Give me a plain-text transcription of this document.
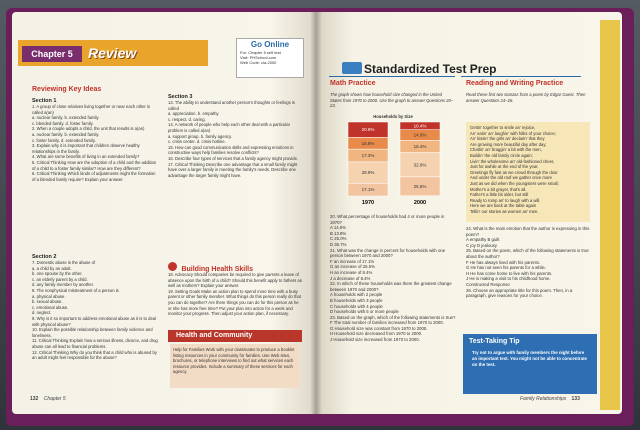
Chapter 5	Review
Go Online
For: Chapter 5 self test
Visit: PHSchool.com
Web Code: cla-2050
Reviewing Key Ideas
Section 1
1. A group of close relatives living together or near each other is called a(an)
a. nuclear family. b. extended family.
c. blended family. d. foster family.
2. When a couple adopts a child, the unit that results is a(an)
a. nuclear family. b. extended family.
c. foster family. d. extended family.
3. Explain why it is important that children observe healthy relationships in the family.
4. What are some benefits of living in an extended family?
5. Critical Thinking How are the adoption of a child and the addition of a child to a foster family similar? How are they different?
6. Critical Thinking Which kinds of adjustments might the formation of a blended family require? Explain your answer.
Section 2
7. Domestic abuse is the abuse of
a. a child by an adult.
b. one spouse by the other.
c. an elderly parent by a child.
d. any family member by another.
8. The nonphysical mistreatment of a person is
a. physical abuse.
b. sexual abuse.
c. emotional abuse.
d. neglect.
9. Why is it so important to address emotional abuse as it is to deal with physical abuse?
10. Explain the possible relationship between family violence and loneliness.
11. Critical Thinking Explain how a serious illness, divorce, and drug abuse can all lead to financial problems.
12. Critical Thinking Why do you think that a child who is abused by an adult might feel responsible for the abuse?
Section 3
13. The ability to understand another person's thoughts or feelings is called
a. appreciation. b. empathy.
c. respect. d. caring.
14. A network of people who help each other deal with a particular problem is called a(an)
a. support group. b. family agency.
c. crisis center. d. crisis hotline.
15. How can good communication skills and expressing emotions in constructive ways help families resolve conflicts?
16. Describe four types of services that a family agency might provide.
17. Critical Thinking Describe one advantage that a small family might have over a larger family in meeting the family's needs. Describe one advantage the larger family might have.
Building Health Skills
18. Advocacy Should companies be required to give parents a leave of absence upon the birth of a child? Should this benefit apply to fathers as well as mothers? Explain your answer.
19. Setting Goals Make an action plan to spend more time with a busy parent or other family member. What things do this person really do that you can do together? Are there things you can do for this person as he or she has more free time? Put your plan into action for a week and monitor your progress. Then adjust your action plan, if necessary.
Health and Community
Help for Families Work with your classmates to produce a booklet listing resources in your community for families. Use Web sites, brochures, or telephone interviews to find out what services each resource provides. Include a summary of these services for each agency.
132 Chapter 5
Standardized Test Prep
Math Practice
The graph shows how household size changed in the United States from 1970 to 2000. Use the graph to answer Questions 20–23.
Households by Size
20.9%
15.8%
17.3%
28.9%
17.1%
1970
10.4%
14.6%
16.4%
32.8%
25.5%
2000
20. What percentage of households had 4 or more people in 1970?
A 14.6%
B 13.8%
C 25.0%
D 36.7%
21. What was the change in percent for households with one person between 1970 and 2000?
F an increase of 17.1%
G an increase of 25.5%
H an increase of 8.4%
J a decrease of 8.4%
22. In which of these households was there the greatest change between 1970 and 2000?
A households with 2 people
B households with 3 people
C households with 4 people
D households with 5 or more people
23. Based on the graph, which of the following statements is true?
F The total number of families increased from 1970 to 2000.
G Household size was constant from 1970 to 2000.
H Household size decreased from 1970 to 2000.
J Household size increased from 1970 to 2000.
Reading and Writing Practice
Read these first two stanzas from a poem by Edgar Guest. Then answer Questions 24–26.
Gettin' together to smile an' rejoice,
An' eatin' an' laughin' with folks of your choice;
An' kissin' the girls an' declarin' that they
Are growing more beautiful day after day;
Chattin' an' braggin' a bit with the men,
Buildin' the old family circle again;
Livin' the wholesome an' old-fashioned cheer,
Just for awhile at the end of the year.
Greetings fly fast as we crowd through the door
And under the old roof we gather once more
Just as we did when the youngsters were small;
Mother's a bit grayer, that's all.
Father's a little bit older, but still
Ready to romp an' to laugh with a will.
Here we are back at the table again
Tellin' our stories as women an' men.
24. What is the main emotion that the author is expressing in this poem?
A empathy B guilt
C joy D jealousy
25. Based on the poem, which of the following statements is true about the author?
F He has always lived with his parents.
G He has not seen his parents for a while.
H He has come home to live with his parents.
J He is making a visit to his childhood home.
Constructed Response
26. Choose an appropriate title for this poem. Then, in a paragraph, give reasons for your choice.
Test-Taking Tip
Try not to argue with family members the night before an important test. You might not be able to concentrate on the test.
Family Relationships 133
